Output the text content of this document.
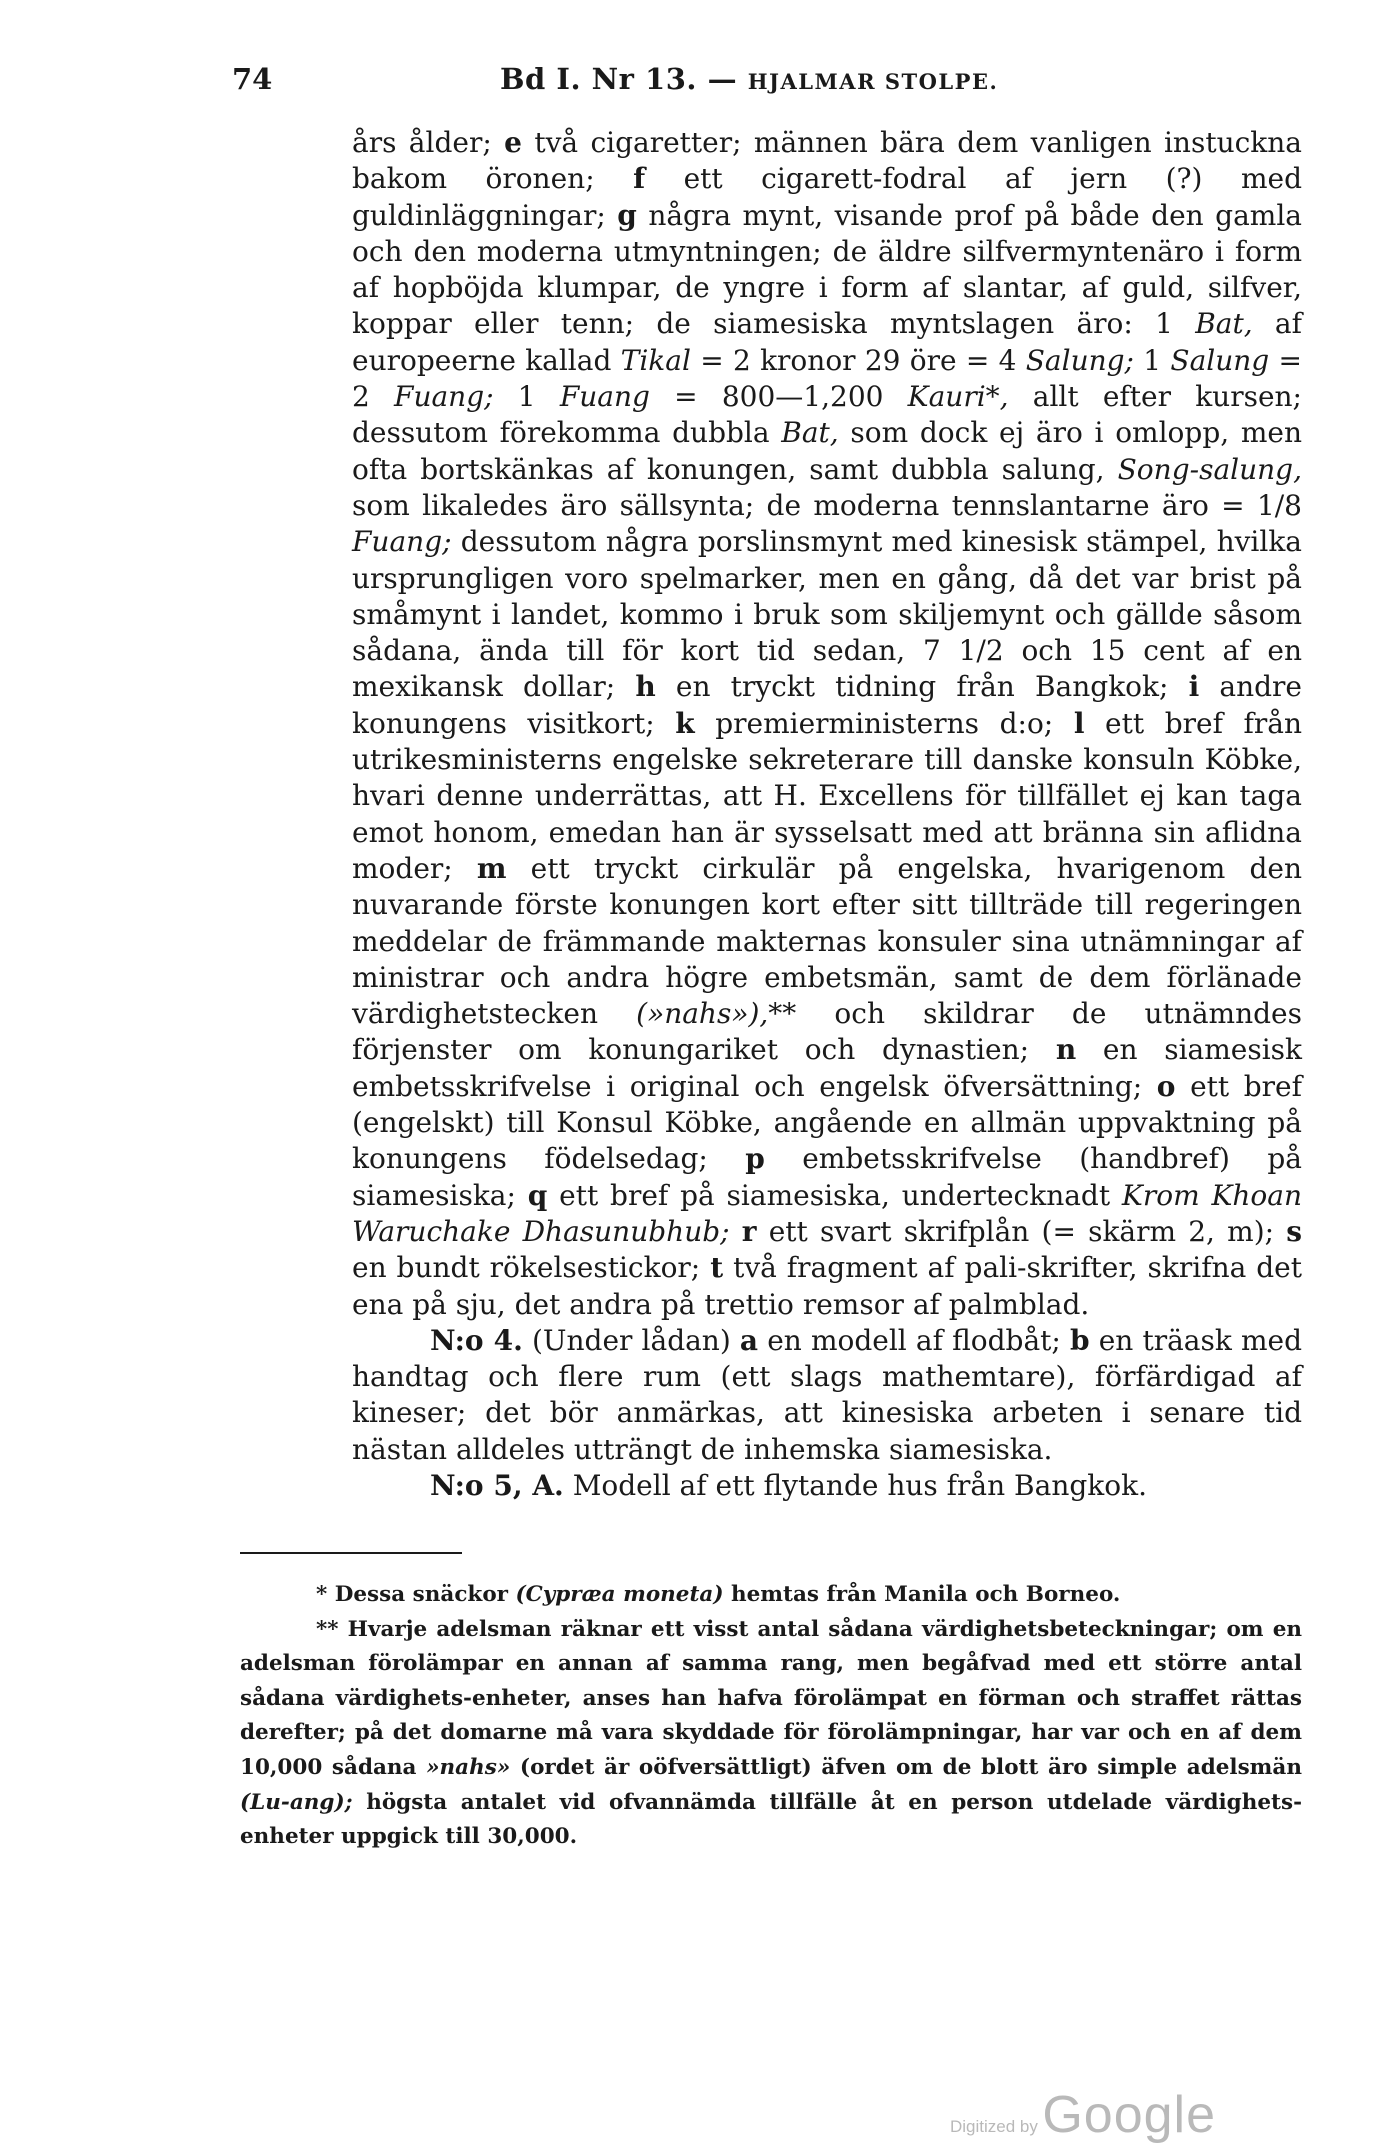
74	Bd I. Nr 13. — HJALMAR STOLPE.

års ålder; e två cigaretter; männen bära dem vanligen instuckna bakom öronen; f ett cigarett-fodral af jern (?) med guldinläggningar; g några mynt, visande prof på både den gamla och den moderna utmyntningen; de äldre silfvermyntenäro i form af hopböjda klumpar, de yngre i form af slantar, af guld, silfver, koppar eller tenn; de siamesiska myntslagen äro: 1 Bat, af europeerne kallad Tikal = 2 kronor 29 öre = 4 Salung; 1 Salung = 2 Fuang; 1 Fuang = 800—1,200 Kauri*, allt efter kursen; dessutom förekomma dubbla Bat, som dock ej äro i omlopp, men ofta bortskänkas af konungen, samt dubbla salung, Song-salung, som likaledes äro sällsynta; de moderna tennslantarne äro = 1/8 Fuang; dessutom några porslinsmynt med kinesisk stämpel, hvilka ursprungligen voro spelmarker, men en gång, då det var brist på småmynt i landet, kommo i bruk som skiljemynt och gällde såsom sådana, ända till för kort tid sedan, 7 1/2 och 15 cent af en mexikansk dollar; h en tryckt tidning från Bangkok; i andre konungens visitkort; k premierministerns d:o; l ett bref från utrikesministerns engelske sekreterare till danske konsuln Köbke, hvari denne underrättas, att H. Excellens för tillfället ej kan taga emot honom, emedan han är sysselsatt med att bränna sin aflidna moder; m ett tryckt cirkulär på engelska, hvarigenom den nuvarande förste konungen kort efter sitt tillträde till regeringen meddelar de främmande makternas konsuler sina utnämningar af ministrar och andra högre embetsmän, samt de dem förlänade värdighetstecken (»nahs»),** och skildrar de utnämndes förjenster om konungariket och dynastien; n en siamesisk embetsskrifvelse i original och engelsk öfversättning; o ett bref (engelskt) till Konsul Köbke, angående en allmän uppvaktning på konungens födelsedag; p embetsskrifvelse (handbref) på siamesiska; q ett bref på siamesiska, undertecknadt Krom Khoan Waruchake Dhasunubhub; r ett svart skrifplån (= skärm 2, m); s en bundt rökelsestickor; t två fragment af pali-skrifter, skrifna det ena på sju, det andra på trettio remsor af palmblad.

N:o 4. (Under lådan) a en modell af flodbåt; b en träask med handtag och flere rum (ett slags mathemtare), förfärdigad af kineser; det bör anmärkas, att kinesiska arbeten i senare tid nästan alldeles utträngt de inhemska siamesiska.

N:o 5, A. Modell af ett flytande hus från Bangkok.

* Dessa snäckor (Cypræa moneta) hemtas från Manila och Borneo.

** Hvarje adelsman räknar ett visst antal sådana värdighetsbeteckningar; om en adelsman förolämpar en annan af samma rang, men begåfvad med ett större antal sådana värdighets-enheter, anses han hafva förolämpat en förman och straffet rättas derefter; på det domarne må vara skyddade för förolämpningar, har var och en af dem 10,000 sådana »nahs» (ordet är oöfversättligt) äfven om de blott äro simple adelsmän (Lu-ang); högsta antalet vid ofvannämda tillfälle åt en person utdelade värdighets-enheter uppgick till 30,000.

Digitized by Google
